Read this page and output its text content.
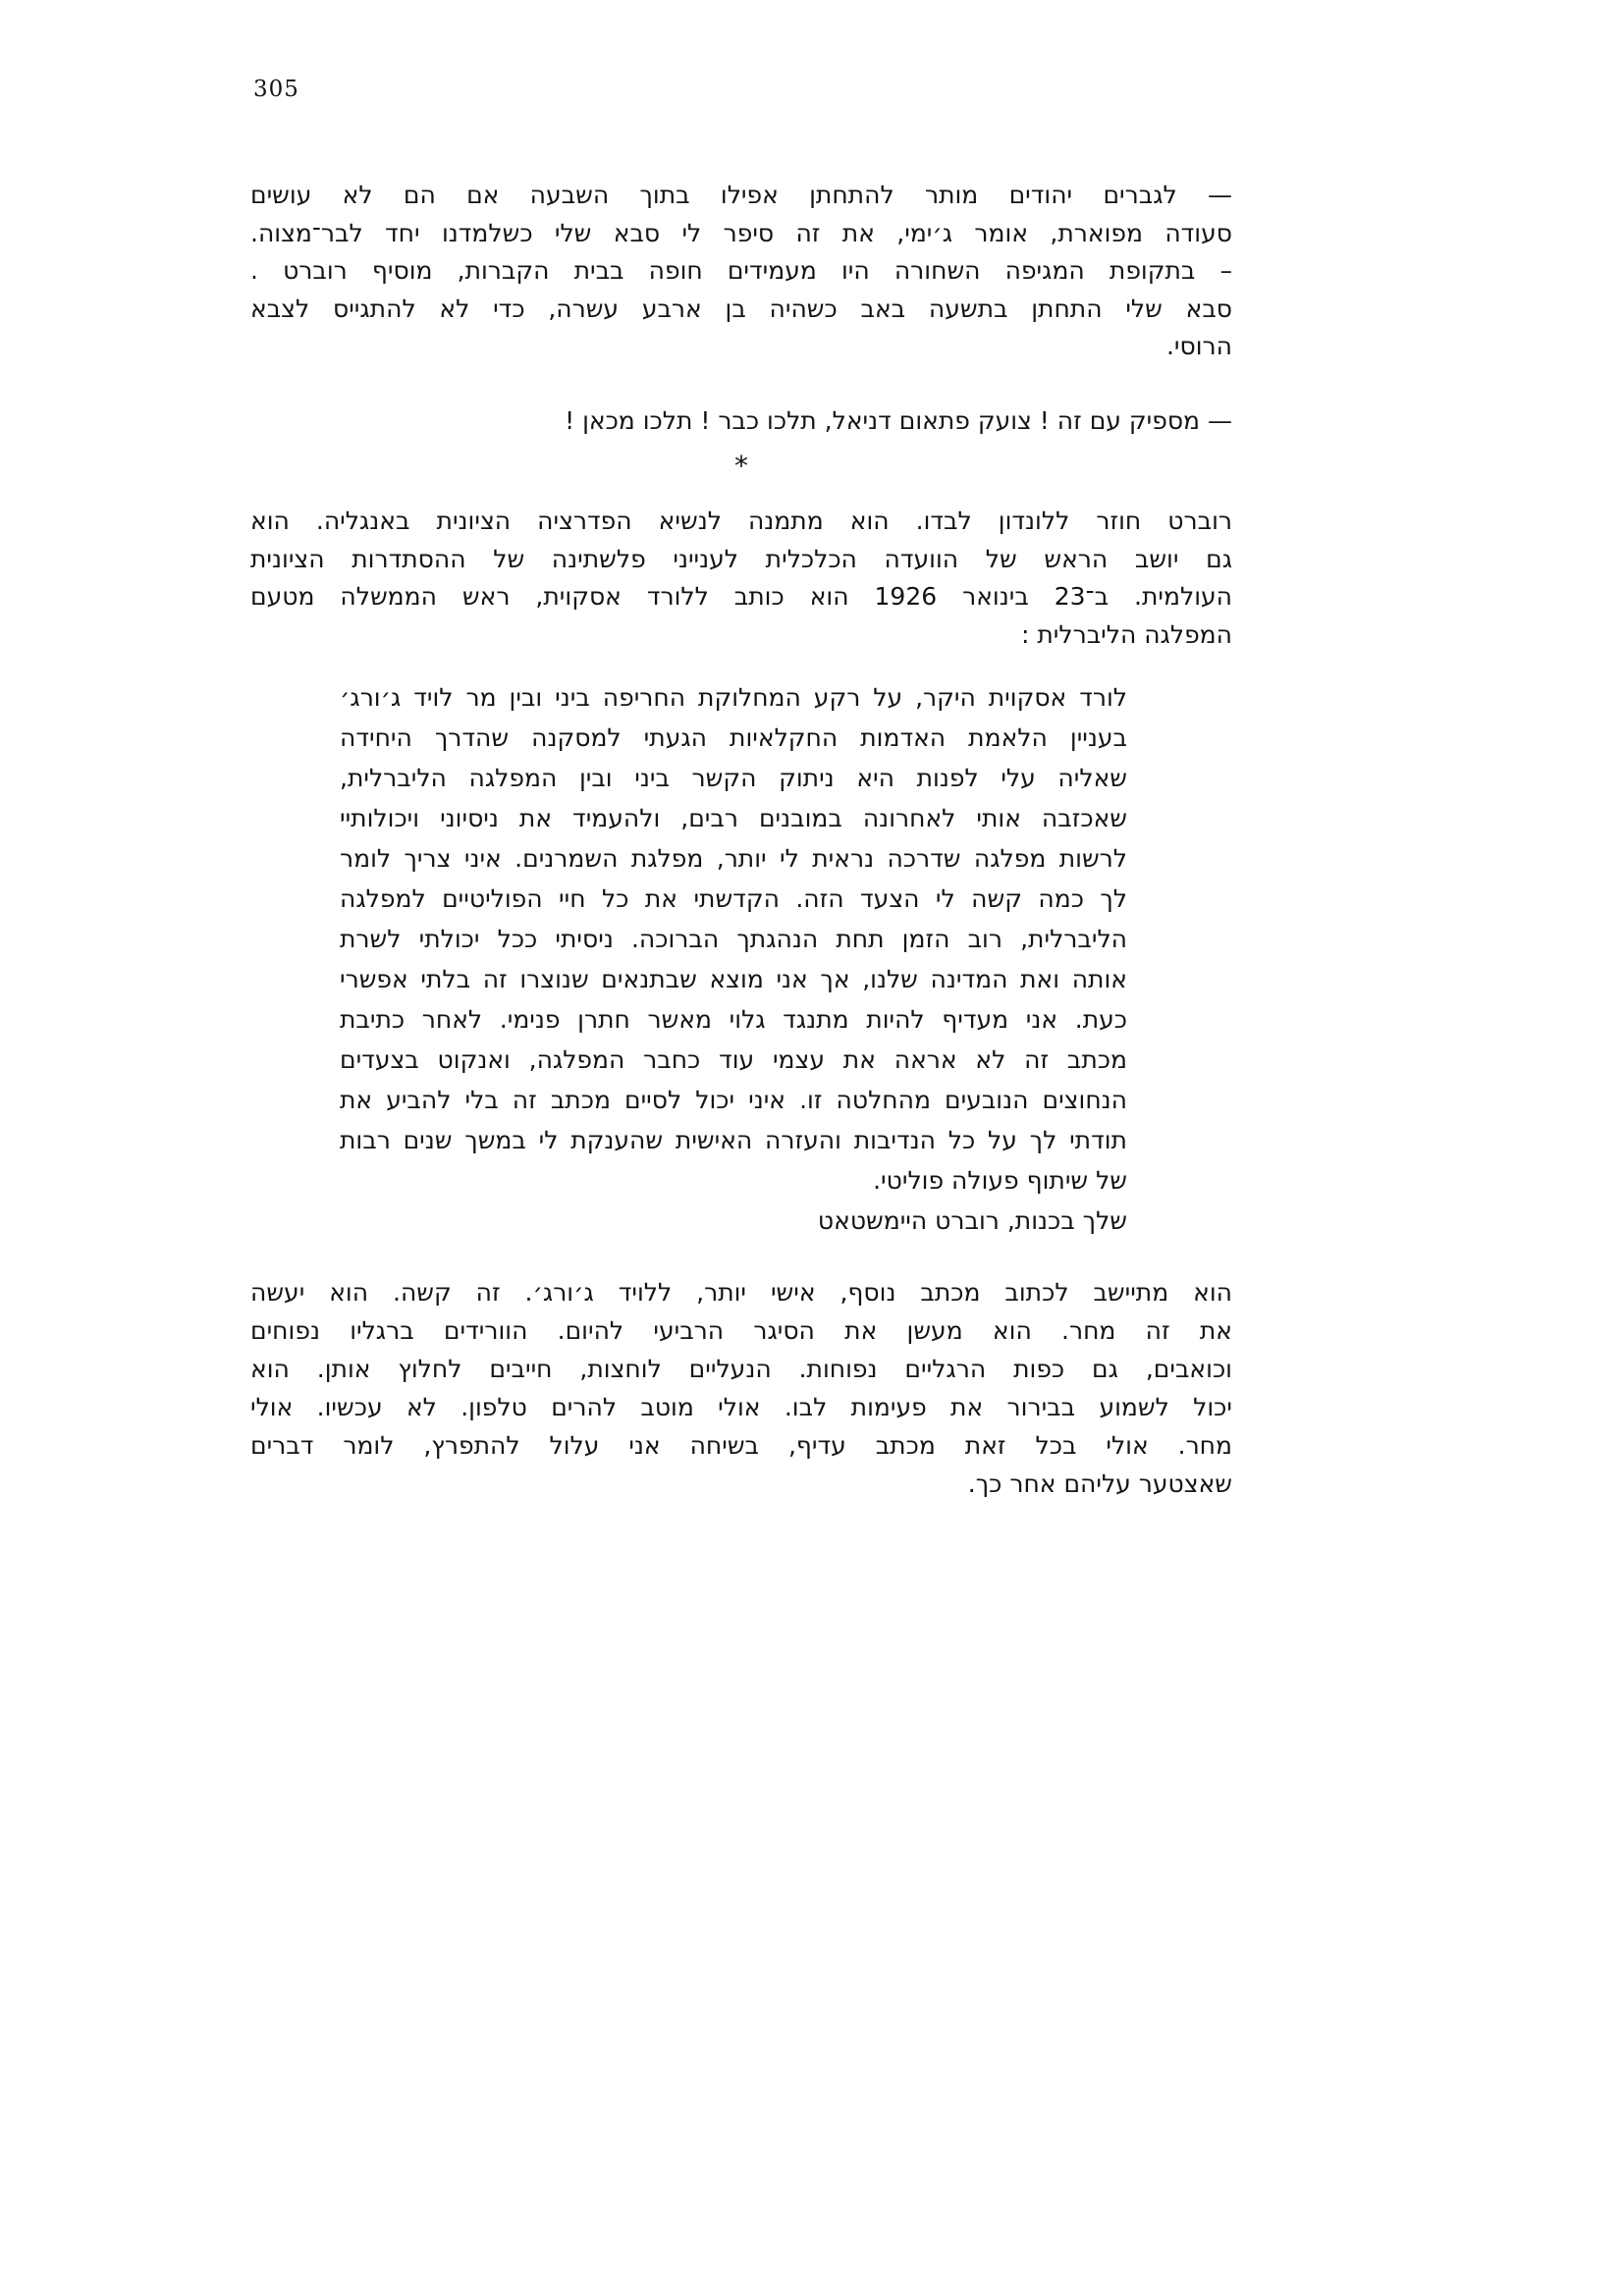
305
— לגברים יהודים מותר להתחתן אפילו בתוך השבעה אם הם לא עושים
סעודה מפוארת, אומר ג׳ימי, את זה סיפר לי סבא שלי כשלמדנו יחד לבר־מצוה.
– בתקופת המגיפה השחורה היו מעמידים חופה בבית הקברות, מוסיף רוברט .
סבא שלי התחתן בתשעה באב כשהיה בן ארבע עשרה, כדי לא להתגייס לצבא
הרוסי.
— מספיק עם זה ! צועק פתאום דניאל, תלכו כבר ! תלכו מכאן !
*
רוברט חוזר ללונדון לבדו. הוא מתמנה לנשיא הפדרציה הציונית באנגליה. הוא
גם יושב הראש של הוועדה הכלכלית לענייני פלשתינה של ההסתדרות הציונית
העולמית. ב־23 בינואר 1926 הוא כותב ללורד אסקוית, ראש הממשלה מטעם
המפלגה הליברלית :
לורד אסקוית היקר, על רקע המחלוקת החריפה ביני ובין מר לויד ג׳ורג׳
בעניין הלאמת האדמות החקלאיות הגעתי למסקנה שהדרך היחידה
שאליה עלי לפנות היא ניתוק הקשר ביני ובין המפלגה הליברלית,
שאכזבה אותי לאחרונה במובנים רבים, ולהעמיד את ניסיוני ויכולותיי
לרשות מפלגה שדרכה נראית לי יותר, מפלגת השמרנים. איני צריך לומר
לך כמה קשה לי הצעד הזה. הקדשתי את כל חיי הפוליטיים למפלגה
הליברלית, רוב הזמן תחת הנהגתך הברוכה. ניסיתי ככל יכולתי לשרת
אותה ואת המדינה שלנו, אך אני מוצא שבתנאים שנוצרו זה בלתי אפשרי
כעת. אני מעדיף להיות מתנגד גלוי מאשר חתרן פנימי. לאחר כתיבת
מכתב זה לא אראה את עצמי עוד כחבר המפלגה, ואנקוט בצעדים
הנחוצים הנובעים מהחלטה זו. איני יכול לסיים מכתב זה בלי להביע את
תודתי לך על כל הנדיבות והעזרה האישית שהענקת לי במשך שנים רבות
של שיתוף פעולה פוליטי.
שלך בכנות, רוברט היימשטאט
הוא מתיישב לכתוב מכתב נוסף, אישי יותר, ללויד ג׳ורג׳. זה קשה. הוא יעשה
את זה מחר. הוא מעשן את הסיגר הרביעי להיום. הוורידים ברגליו נפוחים
וכואבים, גם כפות הרגליים נפוחות. הנעליים לוחצות, חייבים לחלוץ אותן. הוא
יכול לשמוע בבירור את פעימות לבו. אולי מוטב להרים טלפון. לא עכשיו. אולי
מחר. אולי בכל זאת מכתב עדיף, בשיחה אני עלול להתפרץ, לומר דברים
שאצטער עליהם אחר כך.
